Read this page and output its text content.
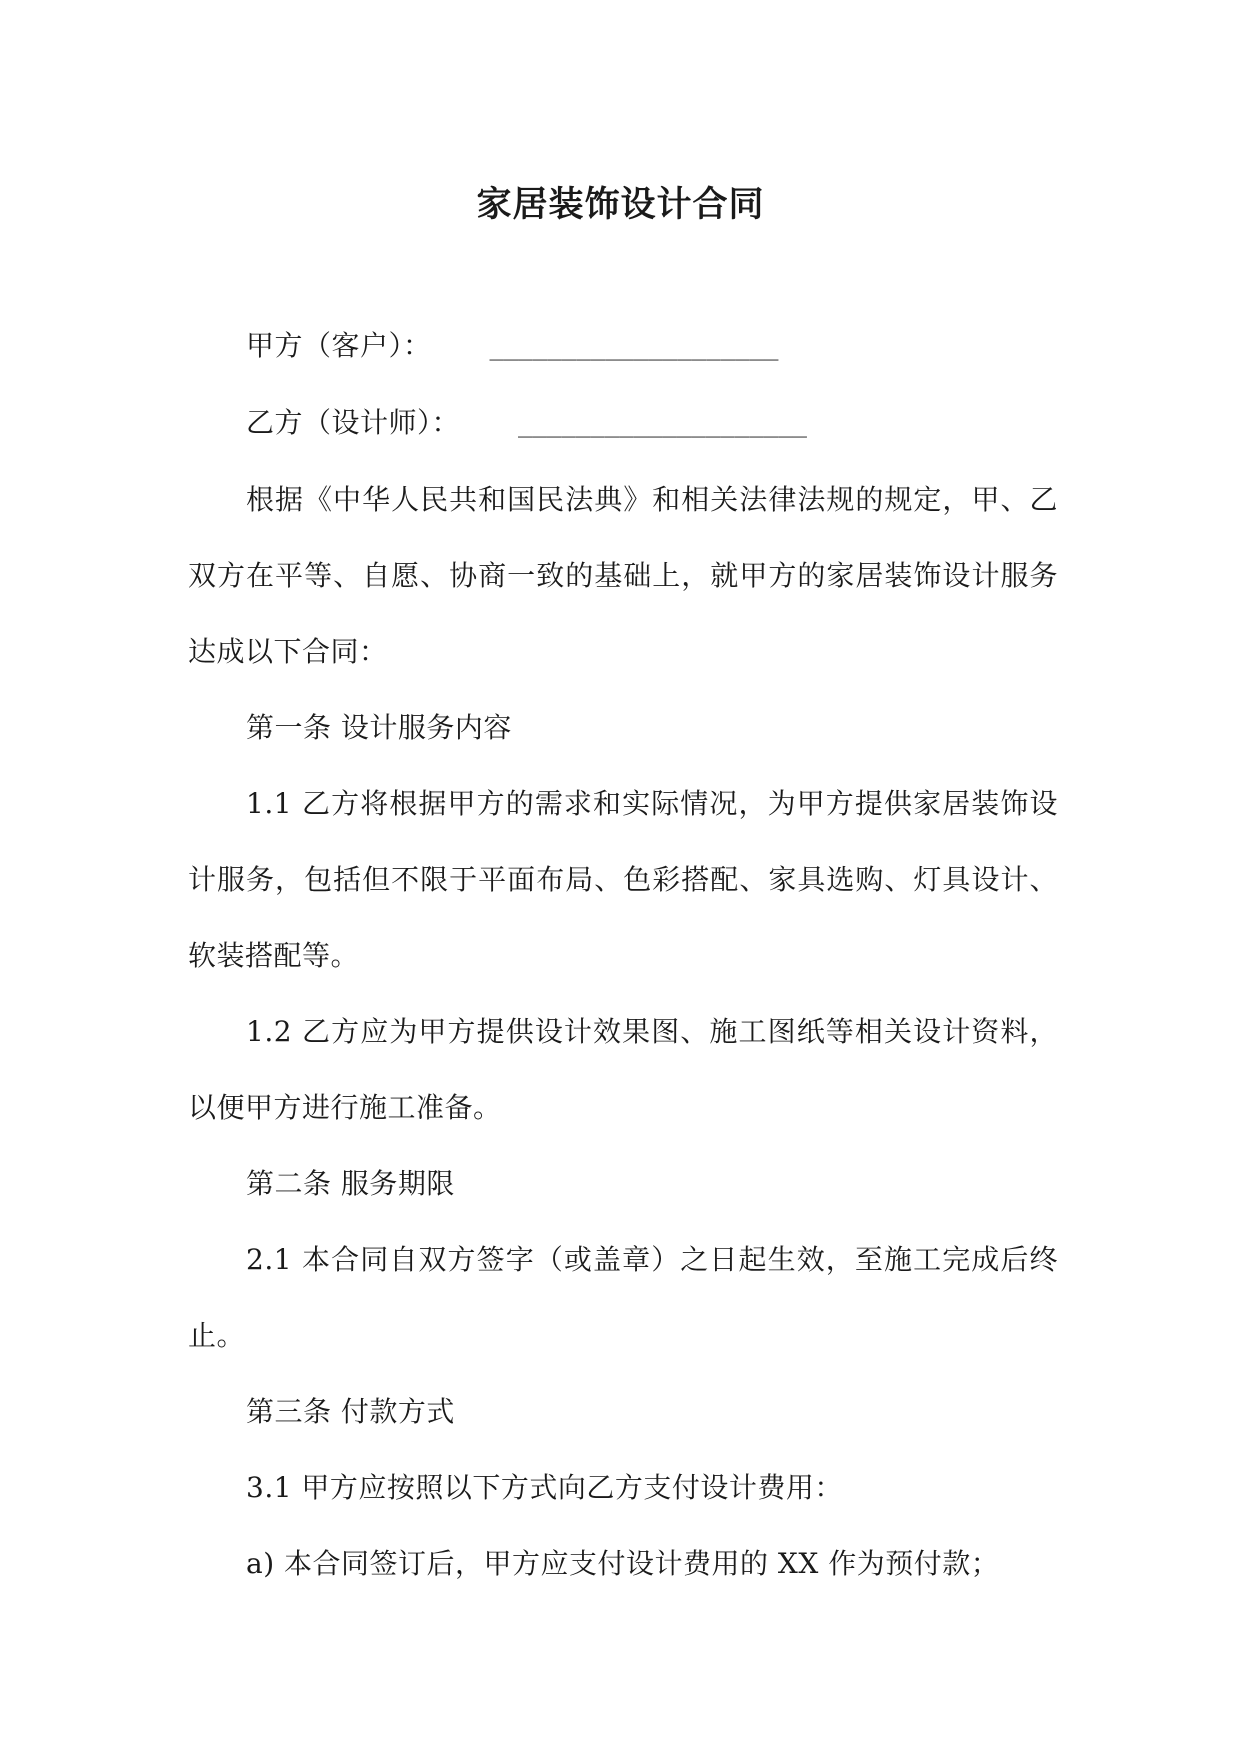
家居装饰设计合同

甲方（客户）： ____________________

乙方（设计师）： ____________________

根据《中华人民共和国民法典》和相关法律法规的规定，甲、乙双方在平等、自愿、协商一致的基础上，就甲方的家居装饰设计服务达成以下合同：

第一条 设计服务内容

1.1 乙方将根据甲方的需求和实际情况，为甲方提供家居装饰设计服务，包括但不限于平面布局、色彩搭配、家具选购、灯具设计、软装搭配等。

1.2 乙方应为甲方提供设计效果图、施工图纸等相关设计资料，以便甲方进行施工准备。

第二条 服务期限

2.1 本合同自双方签字（或盖章）之日起生效，至施工完成后终止。

第三条 付款方式

3.1 甲方应按照以下方式向乙方支付设计费用：

a) 本合同签订后，甲方应支付设计费用的 XX 作为预付款；
